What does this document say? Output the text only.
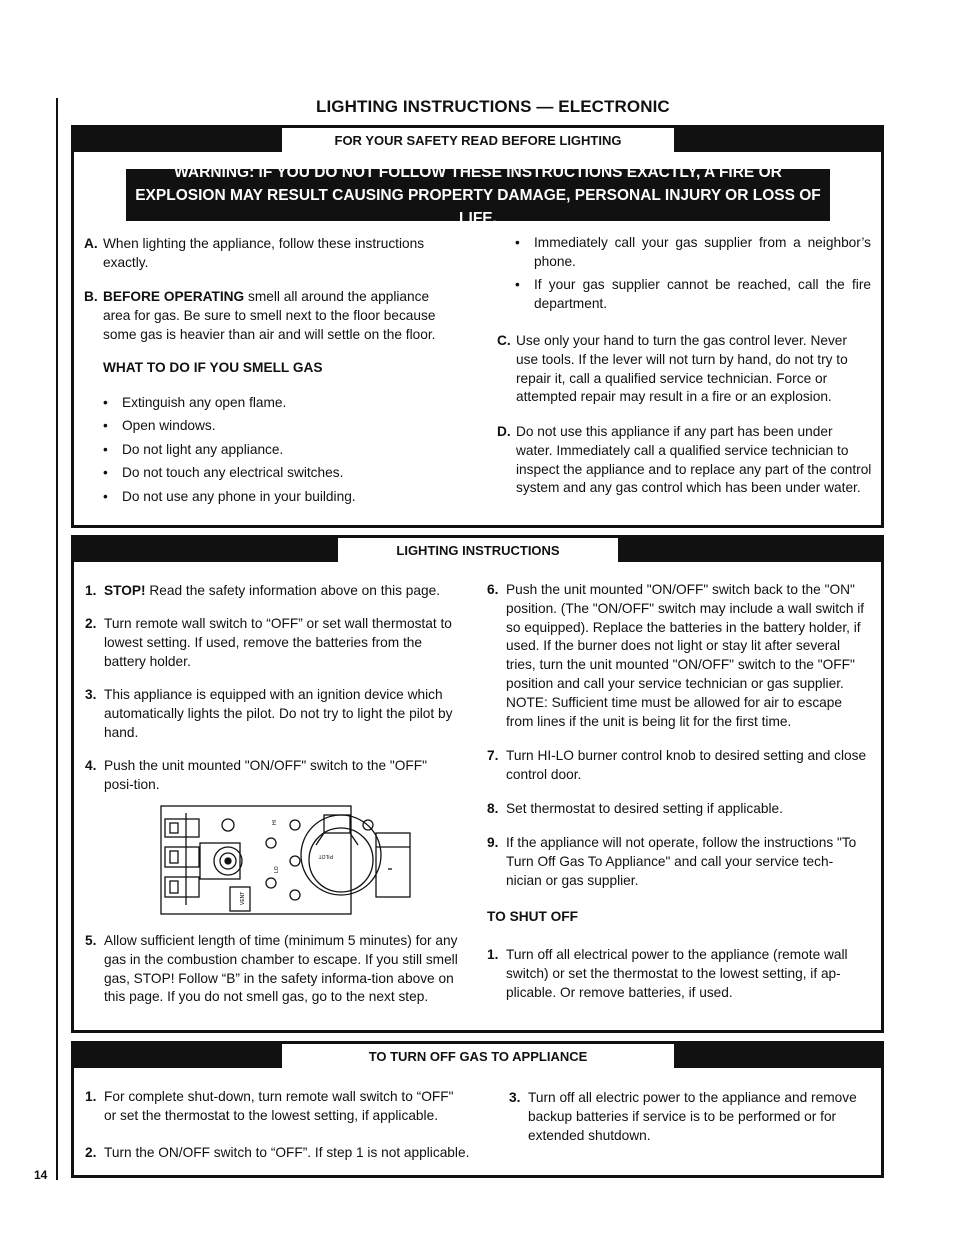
14
LIGHTING INSTRUCTIONS — ELECTRONIC
FOR YOUR SAFETY READ BEFORE LIGHTING
WARNING: IF YOU DO NOT FOLLOW THESE INSTRUCTIONS EXACTLY, A FIRE OR EXPLOSION MAY RESULT CAUSING PROPERTY DAMAGE, PERSONAL INJURY OR LOSS OF LIFE.
A. When lighting the appliance, follow these instructions exactly.
B. BEFORE OPERATING smell all around the appliance area for gas. Be sure to smell next to the floor because some gas is heavier than air and will settle on the floor.
WHAT TO DO IF YOU SMELL GAS
• Extinguish any open flame.
• Open windows.
• Do not light any appliance.
• Do not touch any electrical switches.
• Do not use any phone in your building.
• Immediately call your gas supplier from a neighbor’s phone.
• If your gas supplier cannot be reached, call the fire department.
C. Use only your hand to turn the gas control lever. Never use tools. If the lever will not turn by hand, do not try to repair it, call a qualified service technician. Force or attempted repair may result in a fire or an explosion.
D. Do not use this appliance if any part has been under water. Immediately call a qualified service technician to inspect the appliance and to replace any part of the control system and any gas control which has been under water.
LIGHTING INSTRUCTIONS
1. STOP! Read the safety information above on this page.
2. Turn remote wall switch to “OFF” or set wall thermostat to lowest setting. If used, remove the batteries from the battery holder.
3. This appliance is equipped with an ignition device which automatically lights the pilot. Do not try to light the pilot by hand.
4. Push the unit mounted "ON/OFF" switch to the "OFF" posi-tion.
HI
LO
PILOT
VENT
5. Allow sufficient length of time (minimum 5 minutes) for any gas in the combustion chamber to escape. If you still smell gas, STOP! Follow “B” in the safety informa-tion above on this page. If you do not smell gas, go to the next step.
6. Push the unit mounted "ON/OFF" switch back to the "ON" position. (The "ON/OFF" switch may include a wall switch if so equipped). Replace the batteries in the battery holder, if used. If the burner does not light or stay lit after several tries, turn the unit mounted "ON/OFF" switch to the "OFF" position and call your service technician or gas supplier. NOTE: Sufficient time must be allowed for air to escape from lines if the unit is being lit for the first time.
7. Turn HI-LO burner control knob to desired setting and close control door.
8. Set thermostat to desired setting if applicable.
9. If the appliance will not operate, follow the instructions "To Turn Off Gas To Appliance" and call your service tech-nician or gas supplier.
TO SHUT OFF
1. Turn off all electrical power to the appliance (remote wall switch) or set the thermostat to the lowest setting, if ap-plicable. Or remove batteries, if used.
TO TURN OFF GAS TO APPLIANCE
1. For complete shut-down, turn remote wall switch to “OFF" or set the thermostat to the lowest setting, if applicable.
2. Turn the ON/OFF switch to “OFF”. If step 1 is not applicable.
3. Turn off all electric power to the appliance and remove backup batteries if service is to be performed or for extended shutdown.
